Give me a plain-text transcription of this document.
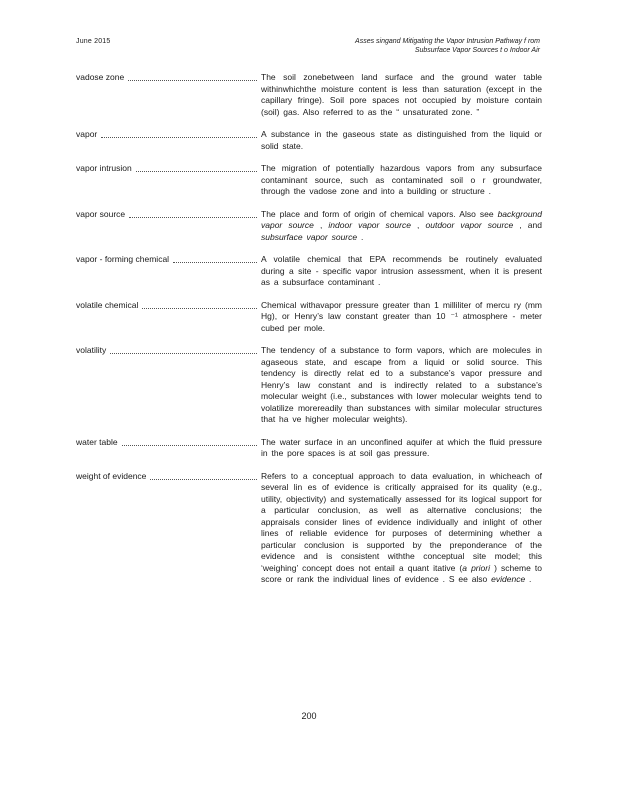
June 2015	Asses singand Mitigating the Vapor Intrusion Pathway f rom
Subsurface Vapor Sources t o Indoor Air
vadose zone	The soil zonebetween land surface and the ground water table withinwhichthe moisture content is less than saturation (except in the capillary fringe). Soil pore spaces not occupied by moisture contain (soil) gas. Also referred to as the “ unsaturated zone. ”
vapor	A substance in the gaseous state as distinguished from the liquid or solid state.
vapor intrusion	The migration of potentially hazardous vapors from any subsurface contaminant source, such as contaminated soil o r groundwater, through the vadose zone and into a building or structure .
vapor source	The place and form of origin of chemical vapors. Also see background vapor source , indoor vapor source , outdoor vapor source , and subsurface vapor source .
vapor - forming chemical	A volatile chemical that EPA recommends be routinely evaluated during a site - specific vapor intrusion assessment, when it is present as a subsurface contaminant .
volatile chemical	Chemical withavapor pressure greater than 1 milliliter of mercu ry (mm Hg), or Henry’s law constant greater than 10 ⁻¹ atmosphere - meter cubed per mole.
volatility	The tendency of a substance to form vapors, which are molecules in agaseous state, and escape from a liquid or solid source. This tendency is directly relat ed to a substance’s vapor pressure and Henry’s law constant and is indirectly related to a substance’s molecular weight (i.e., substances with lower molecular weights tend to volatilize morereadily than substances with similar molecular structures that ha ve higher molecular weights).
water table	The water surface in an unconfined aquifer at which the fluid pressure in the pore spaces is at soil gas pressure.
weight of evidence	Refers to a conceptual approach to data evaluation, in whicheach of several lin es of evidence is critically appraised for its quality (e.g., utility, objectivity) and systematically assessed for its logical support for a particular conclusion, as well as alternative conclusions; the appraisals consider lines of evidence individually and inlight of other lines of reliable evidence for purposes of determining whether a particular conclusion is supported by the preponderance of the evidence and is consistent withthe conceptual site model; this ‘weighing’ concept does not entail a quant itative (a priori ) scheme to score or rank the individual lines of evidence . S ee also evidence .
200
